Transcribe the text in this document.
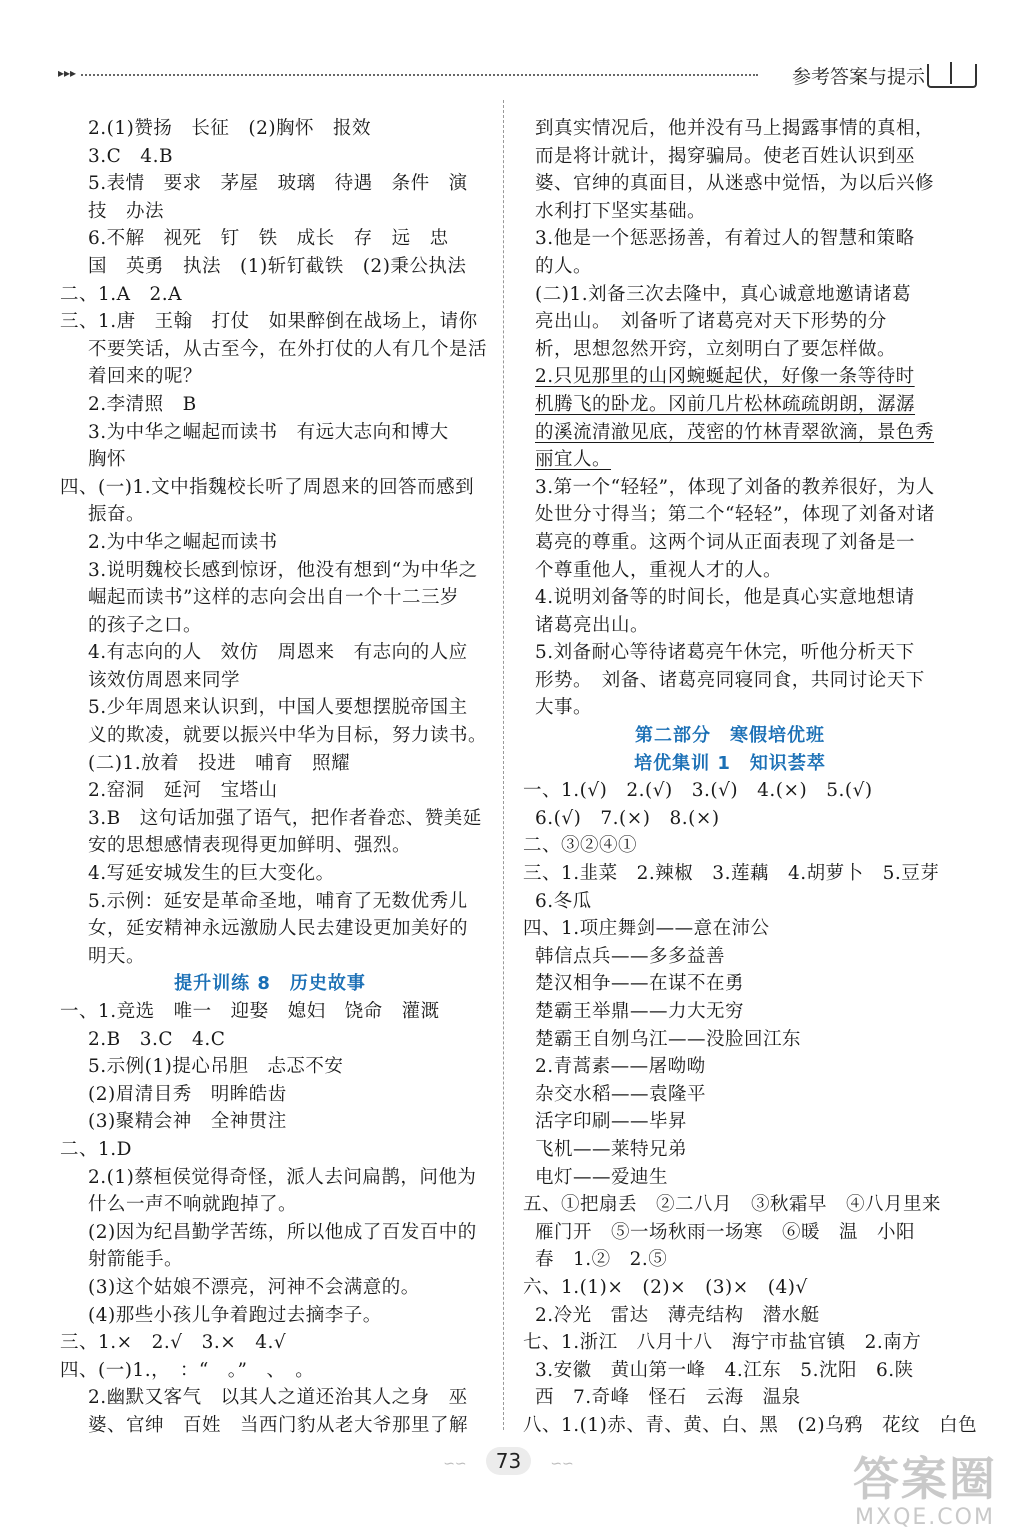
▸▸▸	参考答案与提示
2.(1)赞扬　长征　(2)胸怀　报效
3.C　4.B
5.表情　要求　茅屋　玻璃　待遇　条件　演
技　办法
6.不解　视死　钉　铁　成长　存　远　忠
国　英勇　执法　(1)斩钉截铁　(2)秉公执法
二、1.A　2.A
三、1.唐　王翰　打仗　如果醉倒在战场上，请你
不要笑话，从古至今，在外打仗的人有几个是活
着回来的呢？
2.李清照　B
3.为中华之崛起而读书　有远大志向和博大
胸怀
四、(一)1.文中指魏校长听了周恩来的回答而感到
振奋。
2.为中华之崛起而读书
3.说明魏校长感到惊讶，他没有想到“为中华之
崛起而读书”这样的志向会出自一个十二三岁
的孩子之口。
4.有志向的人　效仿　周恩来　有志向的人应
该效仿周恩来同学
5.少年周恩来认识到，中国人要想摆脱帝国主
义的欺凌，就要以振兴中华为目标，努力读书。
(二)1.放着　投进　哺育　照耀
2.窑洞　延河　宝塔山
3.B　这句话加强了语气，把作者眷恋、赞美延
安的思想感情表现得更加鲜明、强烈。
4.写延安城发生的巨大变化。
5.示例：延安是革命圣地，哺育了无数优秀儿
女，延安精神永远激励人民去建设更加美好的
明天。
提升训练 8　历史故事
一、1.竞选　唯一　迎娶　媳妇　饶命　灌溉
2.B　3.C　4.C
5.示例(1)提心吊胆　忐忑不安
(2)眉清目秀　明眸皓齿
(3)聚精会神　全神贯注
二、1.D
2.(1)蔡桓侯觉得奇怪，派人去问扁鹊，问他为
什么一声不响就跑掉了。
(2)因为纪昌勤学苦练，所以他成了百发百中的
射箭能手。
(3)这个姑娘不漂亮，河神不会满意的。
(4)那些小孩儿争着跑过去摘李子。
三、1.×　2.√　3.×　4.√
四、(一)1.，　：“　。”　、　。
2.幽默又客气　以其人之道还治其人之身　巫
婆、官绅　百姓　当西门豹从老大爷那里了解
到真实情况后，他并没有马上揭露事情的真相，
而是将计就计，揭穿骗局。使老百姓认识到巫
婆、官绅的真面目，从迷惑中觉悟，为以后兴修
水利打下坚实基础。
3.他是一个惩恶扬善，有着过人的智慧和策略
的人。
(二)1.刘备三次去隆中，真心诚意地邀请诸葛
亮出山。　刘备听了诸葛亮对天下形势的分
析，思想忽然开窍，立刻明白了要怎样做。
2.只见那里的山冈蜿蜒起伏，好像一条等待时
机腾飞的卧龙。冈前几片松林疏疏朗朗，潺潺
的溪流清澈见底，茂密的竹林青翠欲滴，景色秀
丽宜人。
3.第一个“轻轻”，体现了刘备的教养很好，为人
处世分寸得当；第二个“轻轻”，体现了刘备对诸
葛亮的尊重。这两个词从正面表现了刘备是一
个尊重他人，重视人才的人。
4.说明刘备等的时间长，他是真心实意地想请
诸葛亮出山。
5.刘备耐心等待诸葛亮午休完，听他分析天下
形势。　刘备、诸葛亮同寝同食，共同讨论天下
大事。
第二部分　寒假培优班
培优集训 1　知识荟萃
一、1.(√)　2.(√)　3.(√)　4.(×)　5.(√)
6.(√)　7.(×)　8.(×)
二、③②④①
三、1.韭菜　2.辣椒　3.莲藕　4.胡萝卜　5.豆芽
6.冬瓜
四、1.项庄舞剑——意在沛公
韩信点兵——多多益善
楚汉相争——在谋不在勇
楚霸王举鼎——力大无穷
楚霸王自刎乌江——没脸回江东
2.青蒿素——屠呦呦
杂交水稻——袁隆平
活字印刷——毕昇
飞机——莱特兄弟
电灯——爱迪生
五、①把扇丢　②二八月　③秋霜早　④八月里来
雁门开　⑤一场秋雨一场寒　⑥暖　温　小阳
春　1.②　2.⑤
六、1.(1)×　(2)×　(3)×　(4)√
2.冷光　雷达　薄壳结构　潜水艇
七、1.浙江　八月十八　海宁市盐官镇　2.南方
3.安徽　黄山第一峰　4.江东　5.沈阳　6.陕
西　7.奇峰　怪石　云海　温泉
八、1.(1)赤、青、黄、白、黑　(2)乌鸦　花纹　白色
∽∽ 73 ∽∽	答案圈
MXQE.COM
